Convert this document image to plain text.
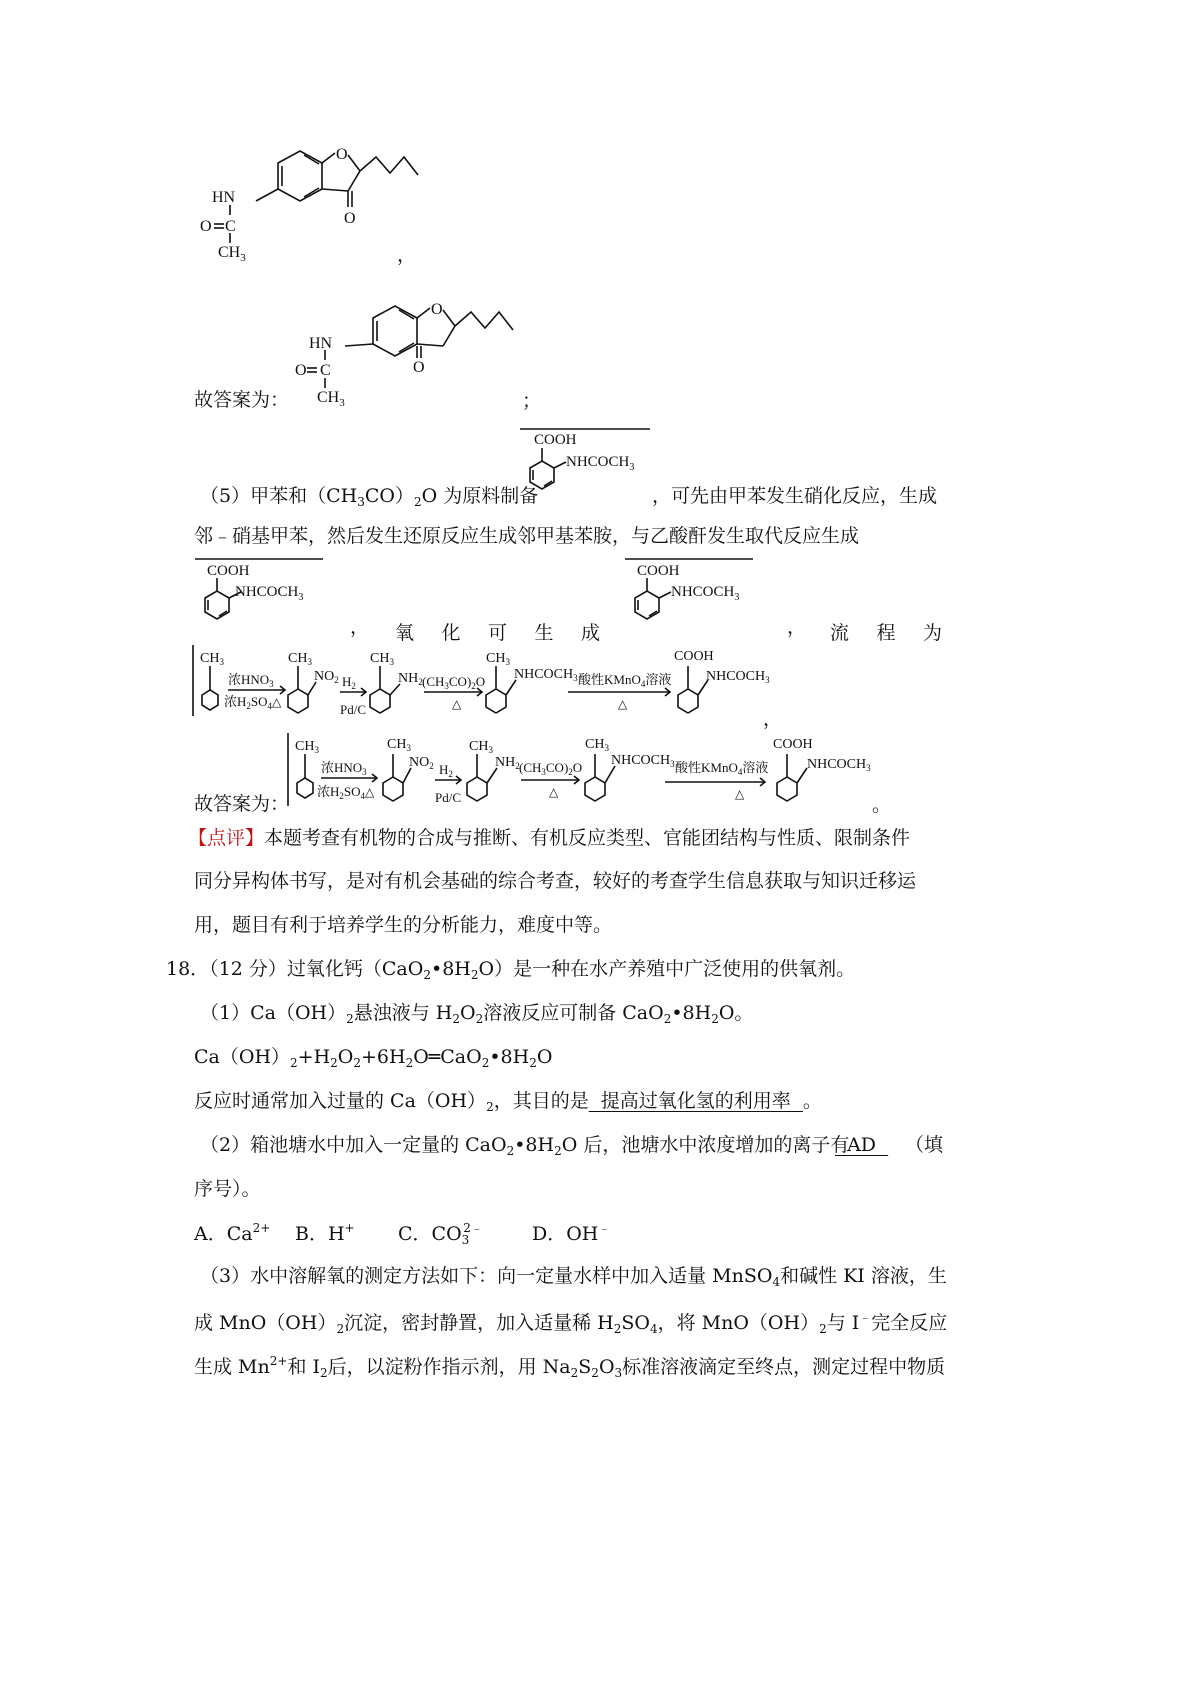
O
O
HN
O C
$CH_3$	，
O
O
HN
O C
$CH_3$
故答案为：	；
COOH
$NHCOCH_3$
（5）甲苯和$(CH_3CO)_2O$ 为原料制备	，可先由甲苯发生硝化反应，生成
邻﹣硝基甲苯，然后发生还原反应生成邻甲基苯胺，与乙酸酐发生取代反应生成
COOH
$NHCOCH_3$
COOH
$NHCOCH_3$
， 氧 化 可 生 成	， 流 程 为
$CH_3$
浓$HNO_3$
浓$H_2SO_4$ △
$CH_3$
$NO_2$ $H_2$
Pd/C
$CH_3$
$NH_2$ $(CH_3CO)_2O$
△
$CH_3$
$NHCOCH_3$ 酸性KMnO$_4$溶液
△
COOH
$NHCOCH_3$
，
故答案为：
$CH_3$
浓$HNO_3$
浓$H_2SO_4$ △
$CH_3$
$NO_2$ $H_2$
Pd/C
$CH_3$
$NH_2$ $(CH_3CO)_2O$
△
$CH_3$
$NHCOCH_3$ 酸性KMnO$_4$溶液
△
COOH
$NHCOCH_3$
。
【点评】本题考查有机物的合成与推断、有机反应类型、官能团结构与性质、限制条件
同分异构体书写，是对有机会基础的综合考查，较好的考查学生信息获取与知识迁移运
用，题目有利于培养学生的分析能力，难度中等。
18．（12 分）过氧化钙$(CaO_2•8H_2O)$是一种在水产养殖中广泛使用的供氧剂。
$(1)Ca(OH)_2$悬浊液与 $H_2O_2$溶液反应可制备 $CaO_2•8H_2O$。
$Ca(OH)_2+H_2O_2+6H_2O═CaO_2•8H_2O$
反应时通常加入过量的 $Ca(OH)_2$，其目的是  提高过氧化氢的利用率  。
（2）箱池塘水中加入一定量的 $CaO_2•8H_2O$ 后，池塘水中浓度增加的离子有
AD （填
序号）。
A．$Ca^{2+}$ B．H+ C．$CO_3^{2﹣}$	D．OH﹣
（3）水中溶解氧的测定方法如下：向一定量水样中加入适量 MnSO$_4$和碱性 KI 溶液，生
成 $MnO(OH)_2$沉淀，密封静置，加入适量稀 $H_2SO_4$，将 $MnO(OH)_2$与 I﹣完全反应
生成 $Mn^{2+}$和 $I_2$后，以淀粉作指示剂，用 $Na_2S_2O_3$标准溶液滴定至终点，测定过程中物质
